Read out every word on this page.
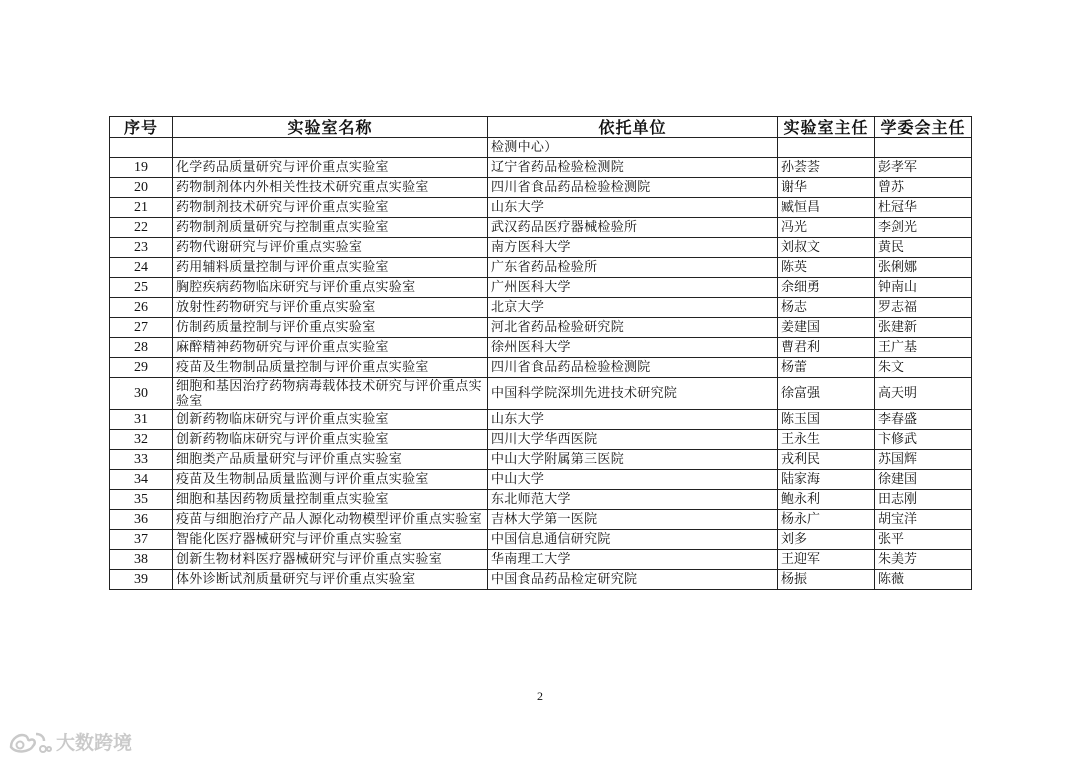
序号	实验室名称	依托单位	实验室主任	学委会主任
		检测中心）		
19	化学药品质量研究与评价重点实验室	辽宁省药品检验检测院	孙荟荟	彭孝军
20	药物制剂体内外相关性技术研究重点实验室	四川省食品药品检验检测院	谢华	曾苏
21	药物制剂技术研究与评价重点实验室	山东大学	臧恒昌	杜冠华
22	药物制剂质量研究与控制重点实验室	武汉药品医疗器械检验所	冯光	李剑光
23	药物代谢研究与评价重点实验室	南方医科大学	刘叔文	黄民
24	药用辅料质量控制与评价重点实验室	广东省药品检验所	陈英	张俐娜
25	胸腔疾病药物临床研究与评价重点实验室	广州医科大学	余细勇	钟南山
26	放射性药物研究与评价重点实验室	北京大学	杨志	罗志福
27	仿制药质量控制与评价重点实验室	河北省药品检验研究院	姜建国	张建新
28	麻醉精神药物研究与评价重点实验室	徐州医科大学	曹君利	王广基
29	疫苗及生物制品质量控制与评价重点实验室	四川省食品药品检验检测院	杨蕾	朱文
30	细胞和基因治疗药物病毒载体技术研究与评价重点实验室	中国科学院深圳先进技术研究院	徐富强	高天明
31	创新药物临床研究与评价重点实验室	山东大学	陈玉国	李春盛
32	创新药物临床研究与评价重点实验室	四川大学华西医院	王永生	卞修武
33	细胞类产品质量研究与评价重点实验室	中山大学附属第三医院	戎利民	苏国辉
34	疫苗及生物制品质量监测与评价重点实验室	中山大学	陆家海	徐建国
35	细胞和基因药物质量控制重点实验室	东北师范大学	鲍永利	田志刚
36	疫苗与细胞治疗产品人源化动物模型评价重点实验室	吉林大学第一医院	杨永广	胡宝洋
37	智能化医疗器械研究与评价重点实验室	中国信息通信研究院	刘多	张平
38	创新生物材料医疗器械研究与评价重点实验室	华南理工大学	王迎军	朱美芳
39	体外诊断试剂质量研究与评价重点实验室	中国食品药品检定研究院	杨振	陈薇
2
大数跨境
